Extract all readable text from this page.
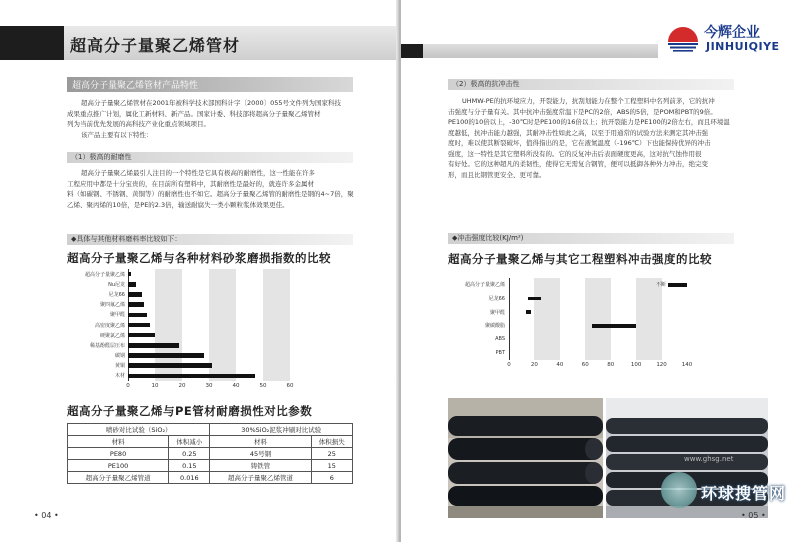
超高分子量聚乙烯管材
超高分子量聚乙烯管材产品特性
超高分子量聚乙烯管材在2001年被科学技术部国科计字〔2000〕055号文件列为国家科技
成果重点推广计划，属化工新材料、新产品。国家计委、科技部将超高分子量聚乙烯管材
列为当前优先发展的高科技产业化重点领域项目。
该产品主要有以下特性：
（1）极高的耐磨性
超高分子量聚乙烯最引人注目的一个特性是它具有极高的耐磨性，这一性能在许多
工程应用中都是十分宝贵的，在目前所有塑料中，其耐磨性是最好的，就连许多金属材
料（如碳钢、不锈钢、黄铜等）的耐磨性也不如它。超高分子量聚乙烯管的耐磨性是钢的4~7倍，聚
乙烯、聚丙烯的10倍，是PE的2.3倍，输送耐腐失一类小颗粒浆体效果更佳。
◆具体与其他材料磨料率比较如下：
超高分子量聚乙烯与各种材料砂浆磨损指数的比较
超高分子量聚乙烯
Nu尼龙
尼龙66
聚四氟乙烯
聚甲醛
高密度聚乙烯
硬聚氯乙烯
稀基酚醛层压布
碳钢
黄铜
木材
0	10	20	30	40	50	60
超高分子量聚乙烯与PE管材耐磨损性对比参数
喷砂对比试验（SiO₂）		30%SiO₂泥浆冲刷对比试验	
材料	体积减小	材料	体积损失
PE80	0.25	45号钢	25
PE100	0.15	铸铁管	15
超高分子量聚乙烯管道	0.016	超高分子量聚乙烯管道	6
• 04 •
今辉企业
JINHUIQIYE
（2）极高的抗冲击性
UHMW-PE的抗环境应力，开裂能力，抗刮划能力在整个工程塑料中名列前茅，它的抗冲
击强度与分子量有关。其中抗冲击强度常温下是PC的2倍，ABS的5倍，是POM和PBT的9倍。
PE100的10倍以上，-30℃时是PE100的16倍以上；抗开裂能力是PE100的2倍左右，而且环境温
度越低，抗冲击能力越强，其耐冲击性如此之高，以至于用通常的试验方法来测定其冲击强
度时，难以使其断裂破坏，值得指出的是，它在液氮温度（-196℃）下也能保持优异的冲击
强度，这一特性是其它塑料所没有的。它的反复冲击后表面硬度更高，这对抗气蚀作用很
有好处。它的这种超凡的柔韧性，使得它无需复合钢管，便可以抵御各种外力冲击，绝完变
形，而且比钢管更安全、更可靠。
◆冲击强度比较(KJ/m²)
超高分子量聚乙烯与其它工程塑料冲击强度的比较
超高分子量聚乙烯	不断
尼龙66
聚甲醛
聚碳酸脂
ABS
PBT
0	20	40	60	80	100	120	140
www.ghsg.net
环球搜管网
• 05 •
